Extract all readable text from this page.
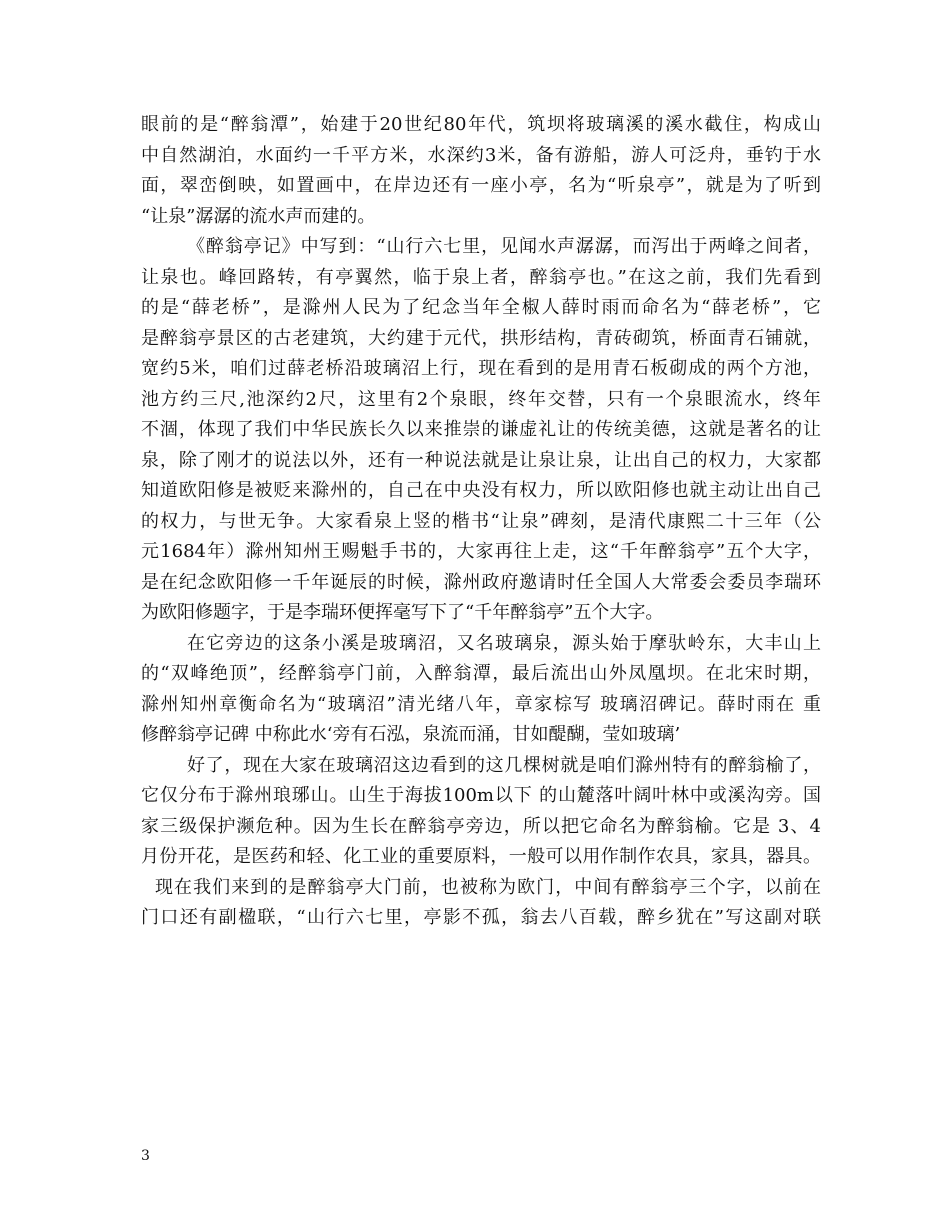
眼前的是“醉翁潭”，始建于20世纪80年代，筑坝将玻璃溪的溪水截住，构成山
中自然湖泊，水面约一千平方米，水深约3米，备有游船，游人可泛舟，垂钓于水
面，翠峦倒映，如置画中，在岸边还有一座小亭，名为“听泉亭”，就是为了听到
“让泉”潺潺的流水声而建的。
《醉翁亭记》中写到：“山行六七里，见闻水声潺潺，而泻出于两峰之间者，
让泉也。峰回路转，有亭翼然，临于泉上者，醉翁亭也。”在这之前，我们先看到
的是“薛老桥”，是滁州人民为了纪念当年全椒人薛时雨而命名为“薛老桥”，它
是醉翁亭景区的古老建筑，大约建于元代，拱形结构，青砖砌筑，桥面青石铺就，
宽约5米，咱们过薛老桥沿玻璃沼上行，现在看到的是用青石板砌成的两个方池，
池方约三尺,池深约2尺，这里有2个泉眼，终年交替，只有一个泉眼流水，终年
不涸，体现了我们中华民族长久以来推崇的谦虚礼让的传统美德，这就是著名的让
泉，除了刚才的说法以外，还有一种说法就是让泉让泉，让出自己的权力，大家都
知道欧阳修是被贬来滁州的，自己在中央没有权力，所以欧阳修也就主动让出自己
的权力，与世无争。大家看泉上竖的楷书“让泉”碑刻，是清代康熙二十三年（公
元1684年）滁州知州王赐魁手书的，大家再往上走，这“千年醉翁亭”五个大字，
是在纪念欧阳修一千年诞辰的时候，滁州政府邀请时任全国人大常委会委员李瑞环
为欧阳修题字，于是李瑞环便挥毫写下了“千年醉翁亭”五个大字。
在它旁边的这条小溪是玻璃沼，又名玻璃泉，源头始于摩驮岭东，大丰山上
的“双峰绝顶”，经醉翁亭门前，入醉翁潭，最后流出山外凤凰坝。在北宋时期，
滁州知州章衡命名为“玻璃沼”清光绪八年，章家棕写 玻璃沼碑记。薛时雨在 重
修醉翁亭记碑 中称此水‘旁有石泓，泉流而涌，甘如醍醐，莹如玻璃’
好了，现在大家在玻璃沼这边看到的这几棵树就是咱们滁州特有的醉翁榆了，
它仅分布于滁州琅琊山。山生于海拔100m以下 的山麓落叶阔叶林中或溪沟旁。国
家三级保护濒危种。因为生长在醉翁亭旁边，所以把它命名为醉翁榆。它是 3、4
月份开花，是医药和轻、化工业的重要原料，一般可以用作制作农具，家具，器具。
现在我们来到的是醉翁亭大门前，也被称为欧门，中间有醉翁亭三个字，以前在
门口还有副楹联，“山行六七里，亭影不孤，翁去八百载，醉乡犹在”写这副对联
3
